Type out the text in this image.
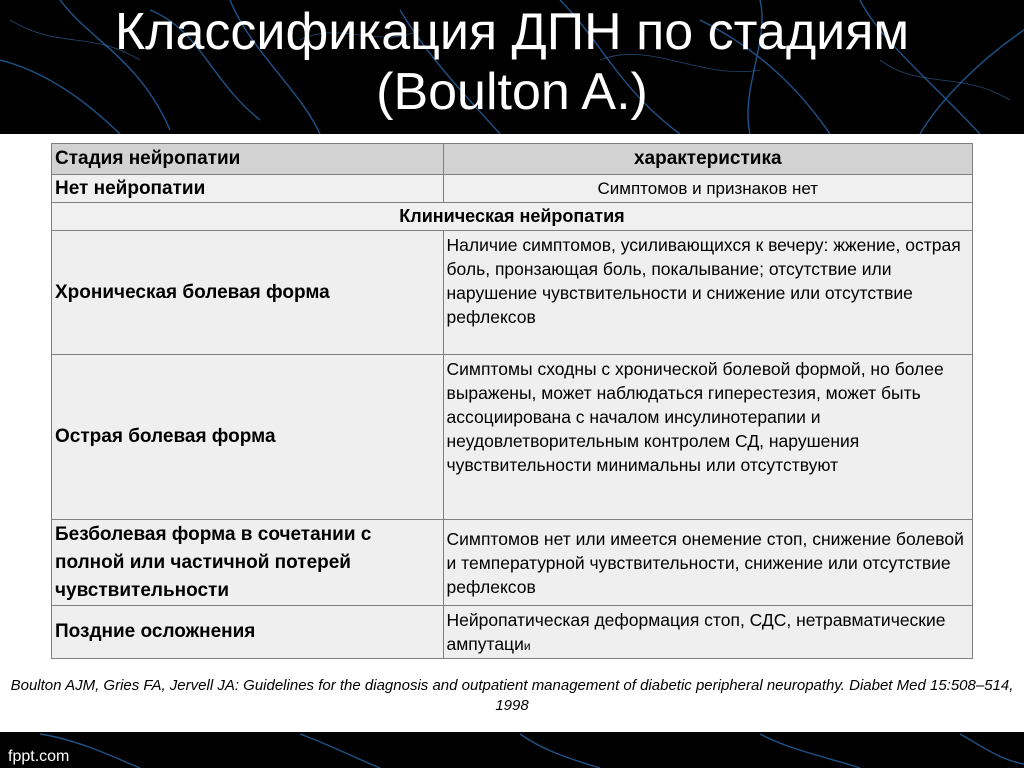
Классификация ДПН по стадиям
(Boulton A.)
Стадия нейропатии	характеристика
Нет нейропатии	Симптомов и признаков нет
Клиническая нейропатия	
Хроническая болевая форма	Наличие симптомов, усиливающихся к вечеру: жжение, острая боль, пронзающая боль, покалывание; отсутствие или нарушение чувствительности и снижение или отсутствие рефлексов
Острая болевая форма	Симптомы сходны с хронической болевой формой, но более выражены, может наблюдаться гиперестезия, может быть ассоциирована с началом инсулинотерапии и неудовлетворительным контролем СД, нарушения чувствительности минимальны или отсутствуют
Безболевая форма в сочетании с полной или частичной потерей чувствительности	Симптомов нет или имеется онемение стоп, снижение болевой и температурной чувствительности, снижение или отсутствие рефлексов
Поздние осложнения	Нейропатическая деформация стоп, СДС, нетравматические ампутации
Boulton AJM, Gries FA, Jervell JA: Guidelines for the diagnosis and outpatient management of diabetic peripheral neuropathy. Diabet Med 15:508–514, 1998
fppt.com
